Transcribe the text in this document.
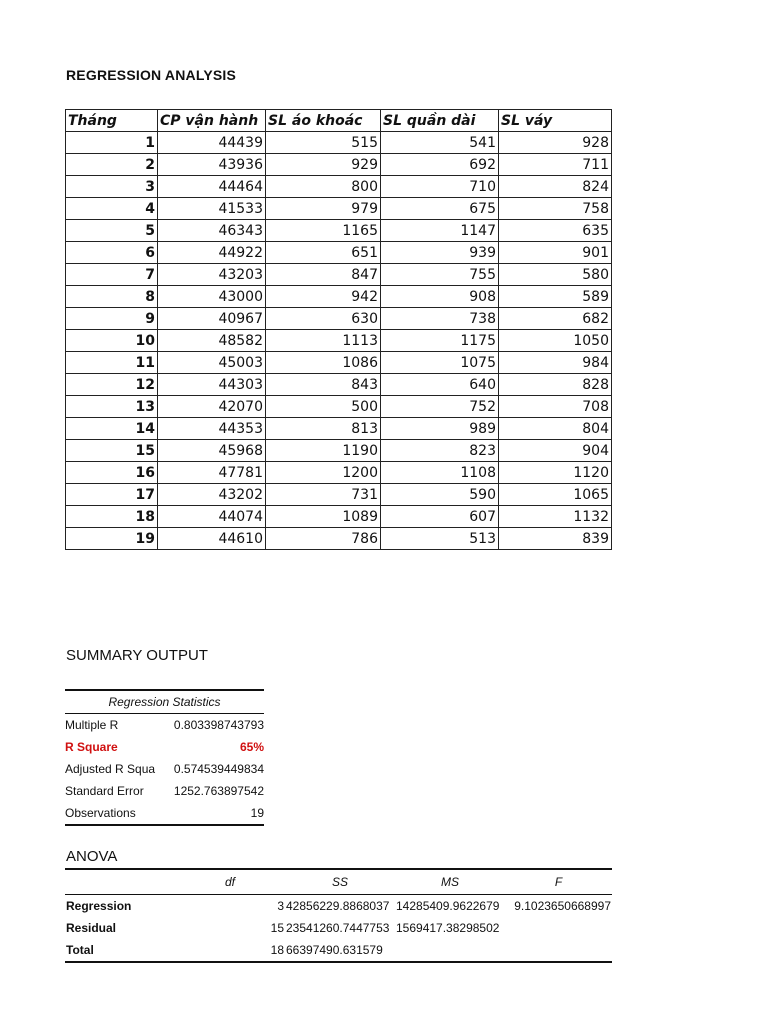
REGRESSION ANALYSIS
Tháng	CP vận hành	SL áo khoác	SL quần dài	SL váy
1	44439	515	541	928
2	43936	929	692	711
3	44464	800	710	824
4	41533	979	675	758
5	46343	1165	1147	635
6	44922	651	939	901
7	43203	847	755	580
8	43000	942	908	589
9	40967	630	738	682
10	48582	1113	1175	1050
11	45003	1086	1075	984
12	44303	843	640	828
13	42070	500	752	708
14	44353	813	989	804
15	45968	1190	823	904
16	47781	1200	1108	1120
17	43202	731	590	1065
18	44074	1089	607	1132
19	44610	786	513	839
SUMMARY OUTPUT
Regression Statistics
Multiple R	0.803398743793
R Square	65%
Adjusted R Squa	0.574539449834
Standard Error	1252.763897542
Observations	19
ANOVA
	df	SS	MS	F
Regression	3	42856229.8868037	14285409.9622679	9.1023650668997
Residual	15	23541260.7447753	1569417.38298502	
Total	18	66397490.631579		
